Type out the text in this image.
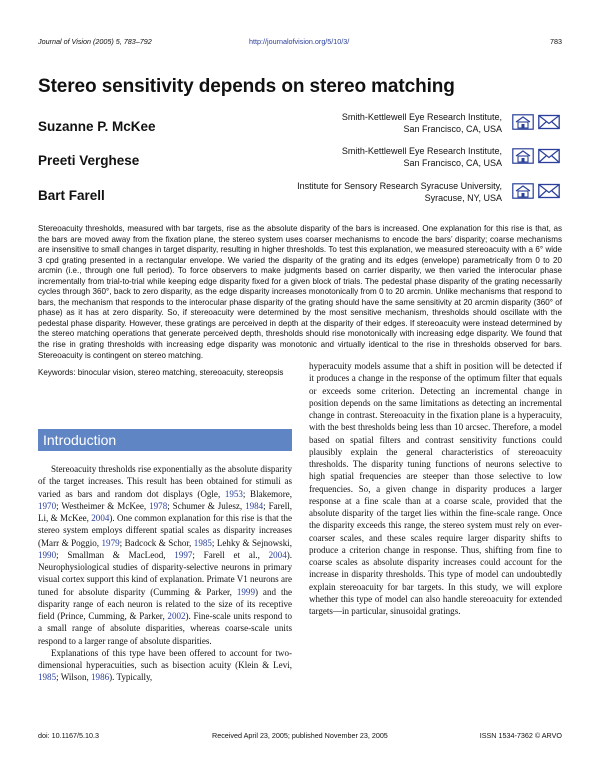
Journal of Vision (2005) 5, 783–792	http://journalofvision.org/5/10/3/	783
Stereo sensitivity depends on stereo matching
Suzanne P. McKee
Smith-Kettlewell Eye Research Institute,
San Francisco, CA, USA
Preeti Verghese
Smith-Kettlewell Eye Research Institute,
San Francisco, CA, USA
Bart Farell
Institute for Sensory Research Syracuse University,
Syracuse, NY, USA

Stereoacuity thresholds, measured with bar targets, rise as the absolute disparity of the bars is increased. One explanation for this rise is that, as the bars are moved away from the fixation plane, the stereo system uses coarser mechanisms to encode the bars’ disparity; coarse mechanisms are insensitive to small changes in target disparity, resulting in higher thresholds. To test this explanation, we measured stereoacuity with a 6° wide 3 cpd grating presented in a rectangular envelope. We varied the disparity of the grating and its edges (envelope) parametrically from 0 to 20 arcmin (i.e., through one full period). To force observers to make judgments based on carrier disparity, we then varied the interocular phase incrementally from trial-to-trial while keeping edge disparity fixed for a given block of trials. The pedestal phase disparity of the grating necessarily cycles through 360°, back to zero disparity, as the edge disparity increases monotonically from 0 to 20 arcmin. Unlike mechanisms that respond to bars, the mechanism that responds to the interocular phase disparity of the grating should have the same sensitivity at 20 arcmin disparity (360° of phase) as it has at zero disparity. So, if stereoacuity were determined by the most sensitive mechanism, thresholds should oscillate with the pedestal phase disparity. However, these gratings are perceived in depth at the disparity of their edges. If stereoacuity were instead determined by the stereo matching operations that generate perceived depth, thresholds should rise monotonically with increasing edge disparity. We found that the rise in grating thresholds with increasing edge disparity was monotonic and virtually identical to the rise in thresholds observed for bars. Stereoacuity is contingent on stereo matching.

Keywords: binocular vision, stereo matching, stereoacuity, stereopsis
Introduction

Stereoacuity thresholds rise exponentially as the absolute disparity of the target increases. This result has been obtained for stimuli as varied as bars and random dot displays (Ogle, 1953; Blakemore, 1970; Westheimer & McKee, 1978; Schumer & Julesz, 1984; Farell, Li, & McKee, 2004). One common explanation for this rise is that the stereo system employs different spatial scales as disparity increases (Marr & Poggio, 1979; Badcock & Schor, 1985; Lehky & Sejnowski, 1990; Smallman & MacLeod, 1997; Farell et al., 2004). Neurophysiological studies of disparity-selective neurons in primary visual cortex support this kind of explanation. Primate V1 neurons are tuned for absolute disparity (Cumming & Parker, 1999) and the disparity range of each neuron is related to the size of its receptive field (Prince, Cumming, & Parker, 2002). Fine-scale units respond to a small range of absolute disparities, whereas coarse-scale units respond to a larger range of absolute disparities.

Explanations of this type have been offered to account for two-dimensional hyperacuities, such as bisection acuity (Klein & Levi, 1985; Wilson, 1986). Typically,

hyperacuity models assume that a shift in position will be detected if it produces a change in the response of the optimum filter that equals or exceeds some criterion. Detecting an incremental change in position depends on the same limitations as detecting an incremental change in contrast. Stereoacuity in the fixation plane is a hyperacuity, with the best thresholds being less than 10 arcsec. Therefore, a model based on spatial filters and contrast sensitivity functions could plausibly explain the general characteristics of stereoacuity thresholds. The disparity tuning functions of neurons selective to high spatial frequencies are steeper than those selective to low frequencies. So, a given change in disparity produces a larger response at a fine scale than at a coarse scale, provided that the absolute disparity of the target lies within the fine-scale range. Once the disparity exceeds this range, the stereo system must rely on ever-coarser scales, and these scales require larger disparity shifts to produce a criterion change in response. Thus, shifting from fine to coarse scales as absolute disparity increases could account for the increase in disparity thresholds. This type of model can undoubtedly explain stereoacuity for bar targets. In this study, we will explore whether this type of model can also handle stereoacuity for extended targets—in particular, sinusoidal gratings.

doi: 10.1167/5.10.3	Received April 23, 2005; published November 23, 2005	ISSN 1534-7362 © ARVO
